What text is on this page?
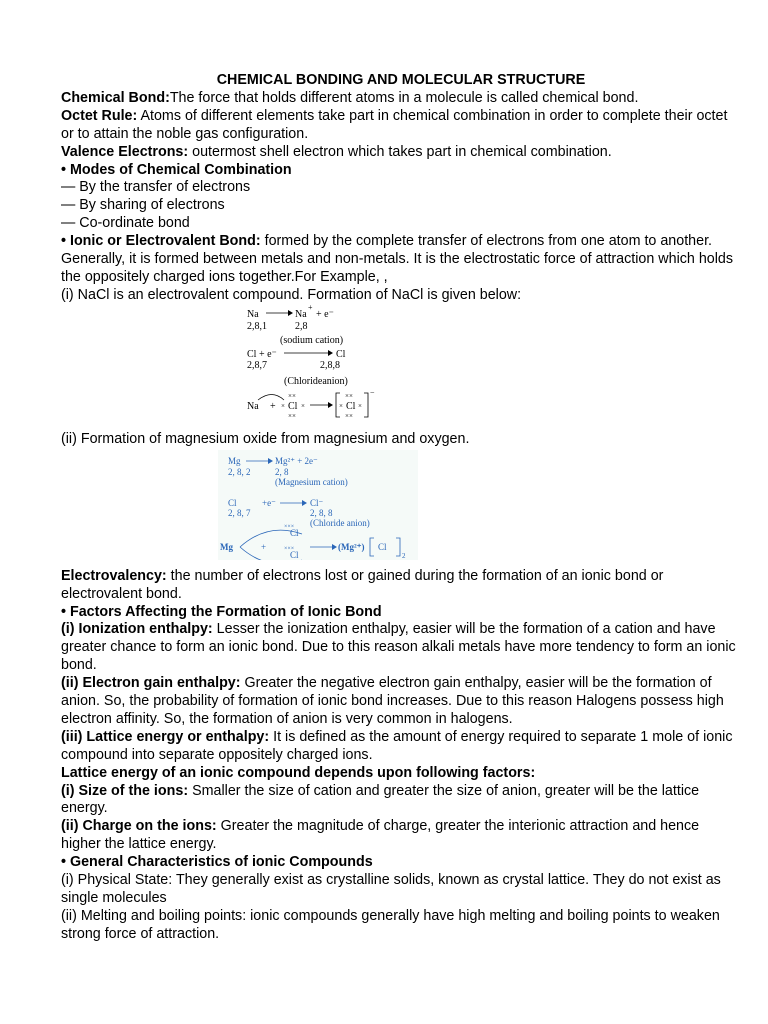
CHEMICAL BONDING AND MOLECULAR STRUCTURE

Chemical Bond:The force that holds different atoms in a molecule is called chemical bond.

Octet Rule: Atoms of different elements take part in chemical combination in order to complete their octet or to attain the noble gas configuration.

Valence Electrons: outermost shell electron which takes part in chemical combination.

• Modes of Chemical Combination

— By the transfer of electrons

— By sharing of electrons

— Co-ordinate bond

• Ionic or Electrovalent Bond: formed by the complete transfer of electrons from one atom to another. Generally, it is formed between metals and non-metals. It is the electrostatic force of attraction which holds the oppositely charged ions together.For Example, ,

(i) NaCl is an electrovalent compound. Formation of NaCl is given below:

Na	Na
+
+ e⁻
2,8,1	2,8
(sodium cation)
Cl + e⁻	Cl
2,8,7	2,8,8
(Chlorideanion)
Na + Cl
× ×
××
××
Cl
× ×
××
××
−

(ii) Formation of magnesium oxide from magnesium and oxygen.

Mg	Mg²⁺ + 2e⁻
2, 8, 2	2, 8
(Magnesium cation)
Cl	+e⁻	Cl⁻
2, 8, 7	2, 8, 8
(Chloride anion)
Mg	+
Cl
Cl
×××
×××	(Mg²⁺) Cl
2

Electrovalency: the number of electrons lost or gained during the formation of an ionic bond or electrovalent bond.

• Factors Affecting the Formation of Ionic Bond

(i) Ionization enthalpy: Lesser the ionization enthalpy, easier will be the formation of a cation and have greater chance to form an ionic bond. Due to this reason alkali metals have more tendency to form an ionic bond.

(ii) Electron gain enthalpy: Greater the negative electron gain enthalpy, easier will be the formation of anion. So, the probability of formation of ionic bond increases. Due to this reason Halogens possess high electron affinity. So, the formation of anion is very common in halogens.

(iii) Lattice energy or enthalpy: It is defined as the amount of energy required to separate 1 mole of ionic compound into separate oppositely charged ions.

Lattice energy of an ionic compound depends upon following factors:

(i) Size of the ions: Smaller the size of cation and greater the size of anion, greater will be the lattice energy.

(ii) Charge on the ions: Greater the magnitude of charge, greater the interionic attraction and hence higher the lattice energy.

• General Characteristics of ionic Compounds

(i) Physical State: They generally exist as crystalline solids, known as crystal lattice. They do not exist as single molecules

(ii) Melting and boiling points: ionic compounds generally have high melting and boiling points to weaken strong force of attraction.
